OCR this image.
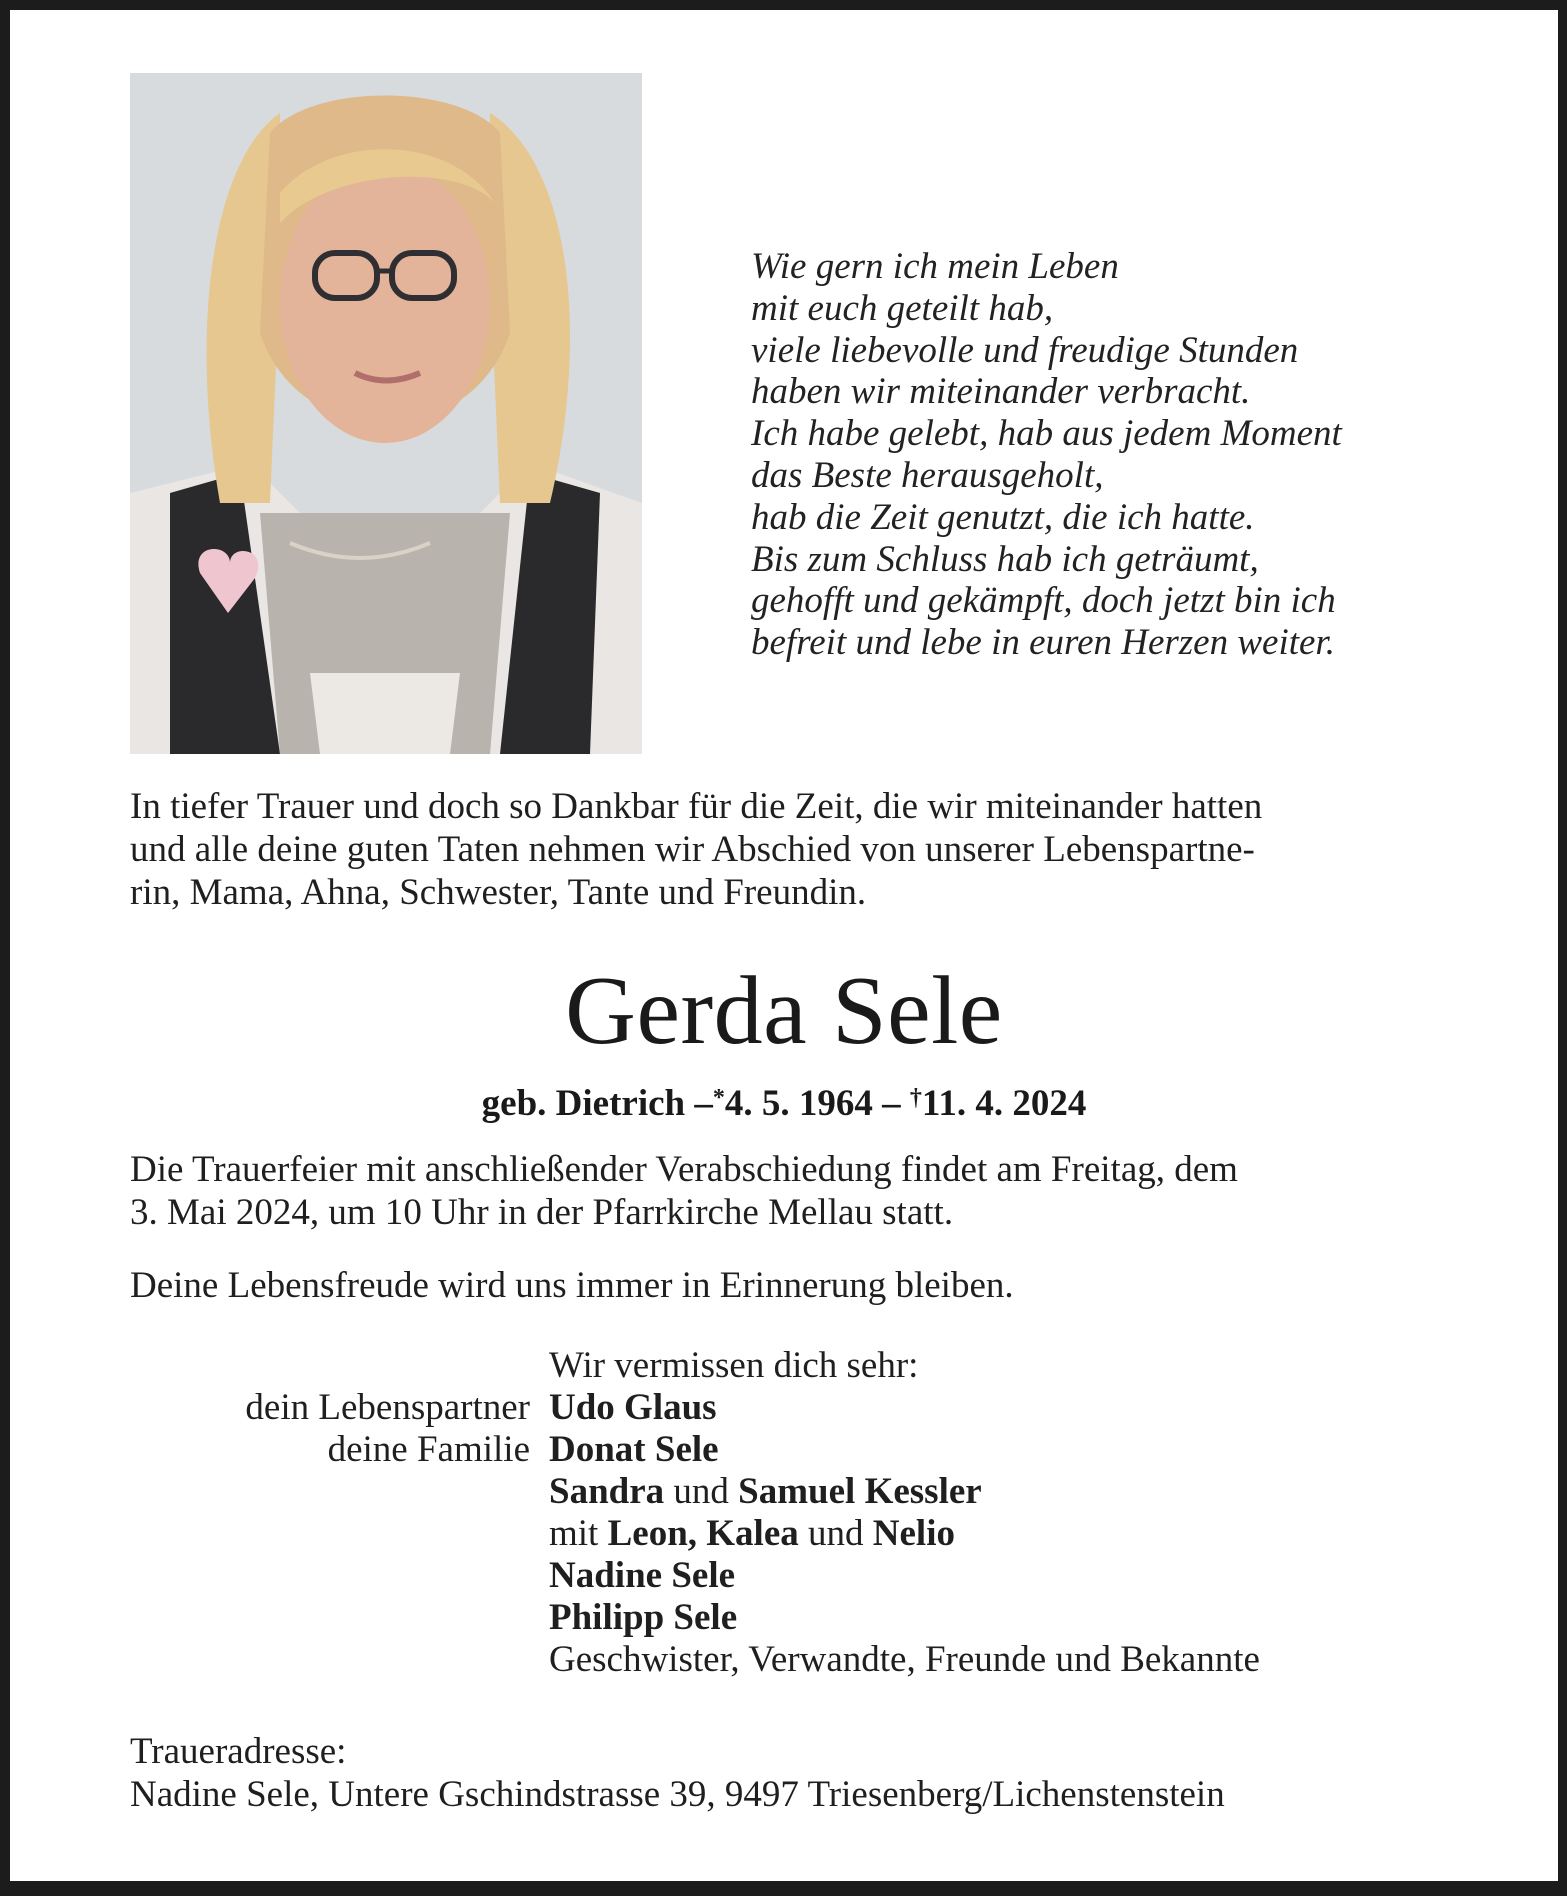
Wie gern ich mein Leben
mit euch geteilt hab,
viele liebevolle und freudige Stunden
haben wir miteinander verbracht.
Ich habe gelebt, hab aus jedem Moment
das Beste herausgeholt,
hab die Zeit genutzt, die ich hatte.
Bis zum Schluss hab ich geträumt,
gehofft und gekämpft, doch jetzt bin ich
befreit und lebe in euren Herzen weiter.
In tiefer Trauer und doch so Dankbar für die Zeit, die wir miteinander hatten
und alle deine guten Taten nehmen wir Abschied von unserer Lebenspartne-
rin, Mama, Ahna, Schwester, Tante und Freundin.
Gerda Sele
geb. Dietrich –*4. 5. 1964 – †11. 4. 2024
Die Trauerfeier mit anschließender Verabschiedung findet am Freitag, dem
3. Mai 2024, um 10 Uhr in der Pfarrkirche Mellau statt.
Deine Lebensfreude wird uns immer in Erinnerung bleiben.
Wir vermissen dich sehr:
dein Lebenspartner Udo Glaus
deine Familie Donat Sele
Sandra und Samuel Kessler
mit Leon, Kalea und Nelio
Nadine Sele
Philipp Sele
Geschwister, Verwandte, Freunde und Bekannte
Traueradresse:
Nadine Sele, Untere Gschindstrasse 39, 9497 Triesenberg/Lichenstenstein
